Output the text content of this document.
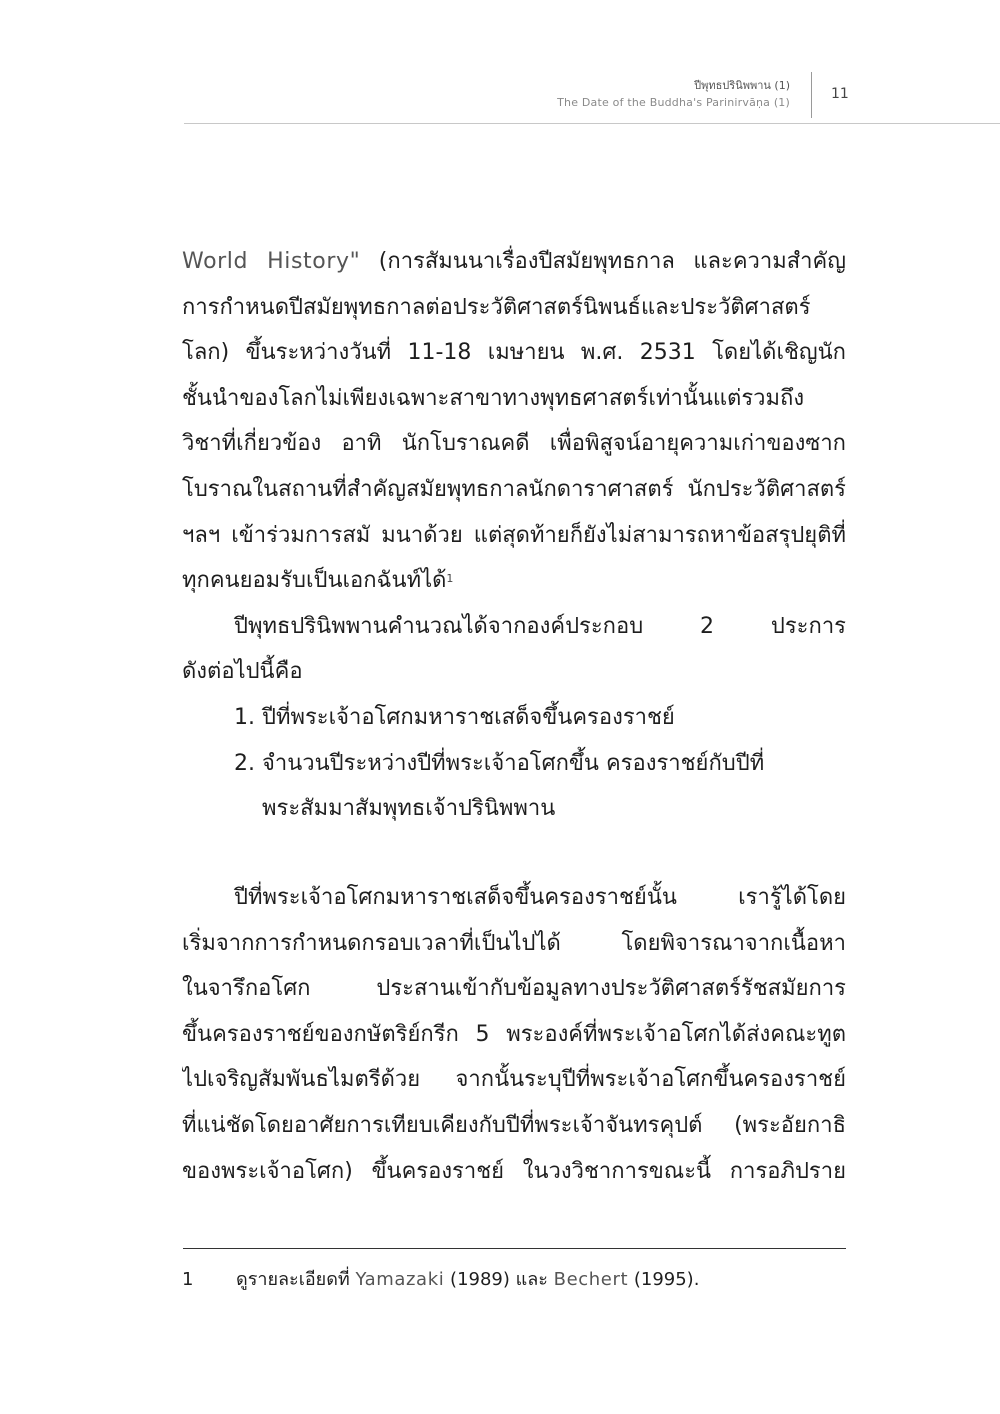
ปีพุทธปรินิพพาน (1)
The Date of the Buddha's Parinirvāṇa (1)
11
World History" (การสัมนนาเรื่องปีสมัยพุทธกาล และความสำคัญ
การกำหนดปีสมัยพุทธกาลต่อประวัติศาสตร์นิพนธ์และประวัติศาสตร์
โลก) ขึ้นระหว่างวันที่ 11-18 เมษายน พ.ศ. 2531 โดยได้เชิญนัก
ชั้นนำของโลกไม่เพียงเฉพาะสาขาทางพุทธศาสตร์เท่านั้นแต่รวมถึง
วิชาที่เกี่ยวข้อง อาทิ นักโบราณคดี เพื่อพิสูจน์อายุความเก่าของซาก
โบราณในสถานที่สำคัญสมัยพุทธกาลนักดาราศาสตร์ นักประวัติศาสตร์
ฯลฯ เข้าร่วมการสมั มนาด้วย แต่สุดท้ายก็ยังไม่สามารถหาข้อสรุปยุติที่
ทุกคนยอมรับเป็นเอกฉันท์ได้$^1$
ปีพุทธปรินิพพานคำนวณได้จากองค์ประกอบ 2 ประการ
ดังต่อไปนี้คือ
1. ปีที่พระเจ้าอโศกมหาราชเสด็จขึ้นครองราชย์
2. จำนวนปีระหว่างปีที่พระเจ้าอโศกขึ้น ครองราชย์กับปีที่
พระสัมมาสัมพุทธเจ้าปรินิพพาน
ปีที่พระเจ้าอโศกมหาราชเสด็จขึ้นครองราชย์นั้น เรารู้ได้โดย
เริ่มจากการกำหนดกรอบเวลาที่เป็นไปได้ โดยพิจารณาจากเนื้อหา
ในจารึกอโศก ประสานเข้ากับข้อมูลทางประวัติศาสตร์รัชสมัยการ
ขึ้นครองราชย์ของกษัตริย์กรีก 5 พระองค์ที่พระเจ้าอโศกได้ส่งคณะทูต
ไปเจริญสัมพันธไมตรีด้วย จากนั้นระบุปีที่พระเจ้าอโศกขึ้นครองราชย์
ที่แน่ชัดโดยอาศัยการเทียบเคียงกับปีที่พระเจ้าจันทรคุปต์ (พระอัยกาธิ
ของพระเจ้าอโศก) ขึ้นครองราชย์ ในวงวิชาการขณะนี้ การอภิปราย
1 ดูรายละเอียดที่ Yamazaki (1989) และ Bechert (1995).
